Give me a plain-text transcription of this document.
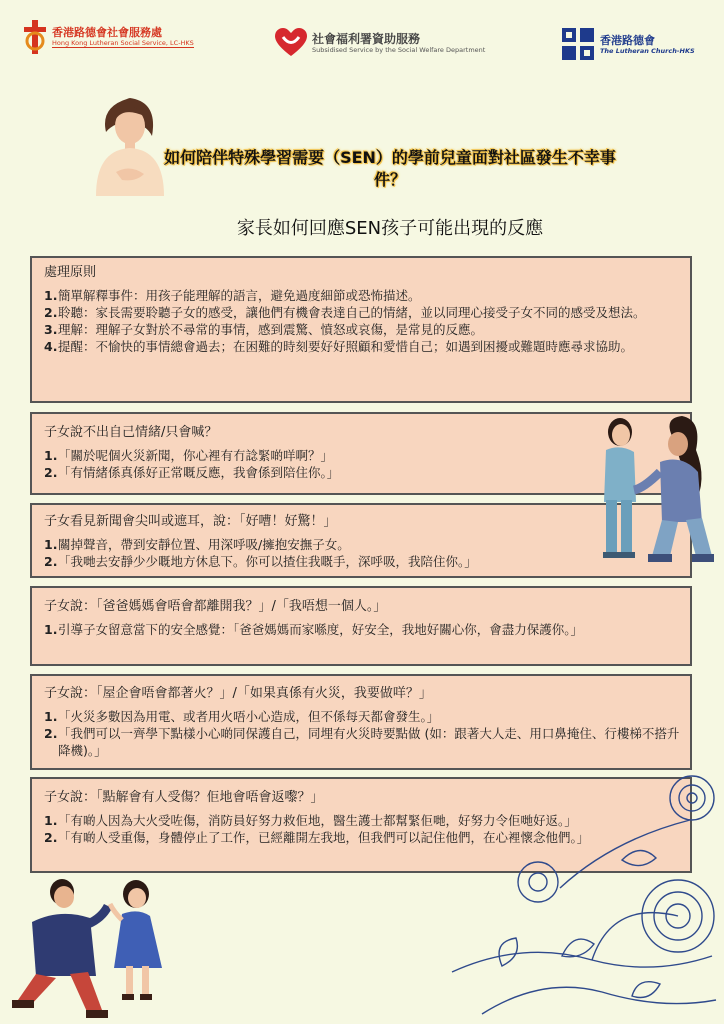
香港路德會社會服務處
Hong Kong Lutheran Social Service, LC-HKS	社會福利署資助服務
Subsidised Service by the Social Welfare Department
香港路德會
The Lutheran Church-HKS
如何陪伴特殊學習需要（SEN）的學前兒童面對社區發生不幸事件？
家長如何回應SEN孩子可能出現的反應
處理原則
1. 簡單解釋事件：用孩子能理解的語言，避免過度細節或恐怖描述。
2. 聆聽：家長需要聆聽子女的感受，讓他們有機會表達自己的情緒，並以同理心接受子女不同的感受及想法。
3. 理解：理解子女對於不尋常的事情，感到震驚、憤怒或哀傷，是常見的反應。
4. 提醒：不愉快的事情總會過去；在困難的時刻要好好照顧和愛惜自己；如遇到困擾或難題時應尋求協助。
子女說不出自己情緒/只會喊？
1. 「關於呢個火災新聞，你心裡有冇諗緊啲咩啊？」
2. 「有情緒係真係好正常嘅反應，我會係到陪住你。」
子女看見新聞會尖叫或遮耳，說：「好嘈！好驚！」
1. 關掉聲音，帶到安靜位置、用深呼吸/擁抱安撫子女。
2. 「我哋去安靜少少嘅地方休息下。你可以揸住我嘅手，深呼吸，我陪住你。」
子女說：「爸爸媽媽會唔會都離開我？」/「我唔想一個人。」
1. 引導子女留意當下的安全感覺：「爸爸媽媽而家喺度，好安全，我地好關心你，會盡力保護你。」
子女說：「屋企會唔會都著火？」/「如果真係有火災，我要做咩？」
1. 「火災多數因為用電、或者用火唔小心造成，但不係每天都會發生。」
2. 「我們可以一齊學下點樣小心啲同保護自己，同埋有火災時要點做 (如：跟著大人走、用口鼻掩住、行樓梯不搭升降機)。」
子女說：「點解會有人受傷？佢地會唔會返嚟？」
1. 「有啲人因為大火受咗傷，消防員好努力救佢地，醫生護士都幫緊佢哋，好努力令佢哋好返。」
2. 「有啲人受重傷，身體停止了工作，已經離開左我地，但我們可以記住他們，在心裡懷念他們。」
